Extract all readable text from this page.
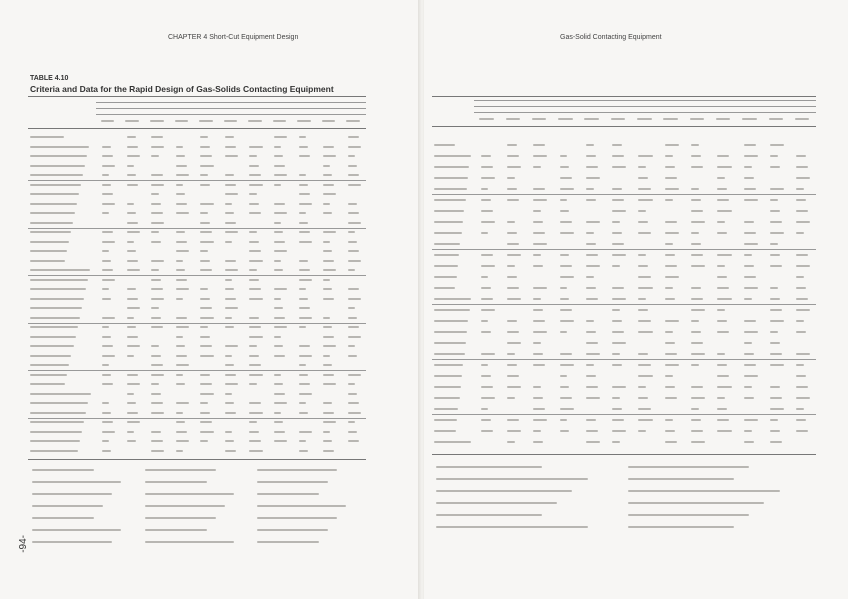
CHAPTER 4 Short-Cut Equipment Design
TABLE 4.10
Criteria and Data for the Rapid Design of Gas-Solids Contacting Equipment
-94-
Gas-Solid Contacting Equipment
